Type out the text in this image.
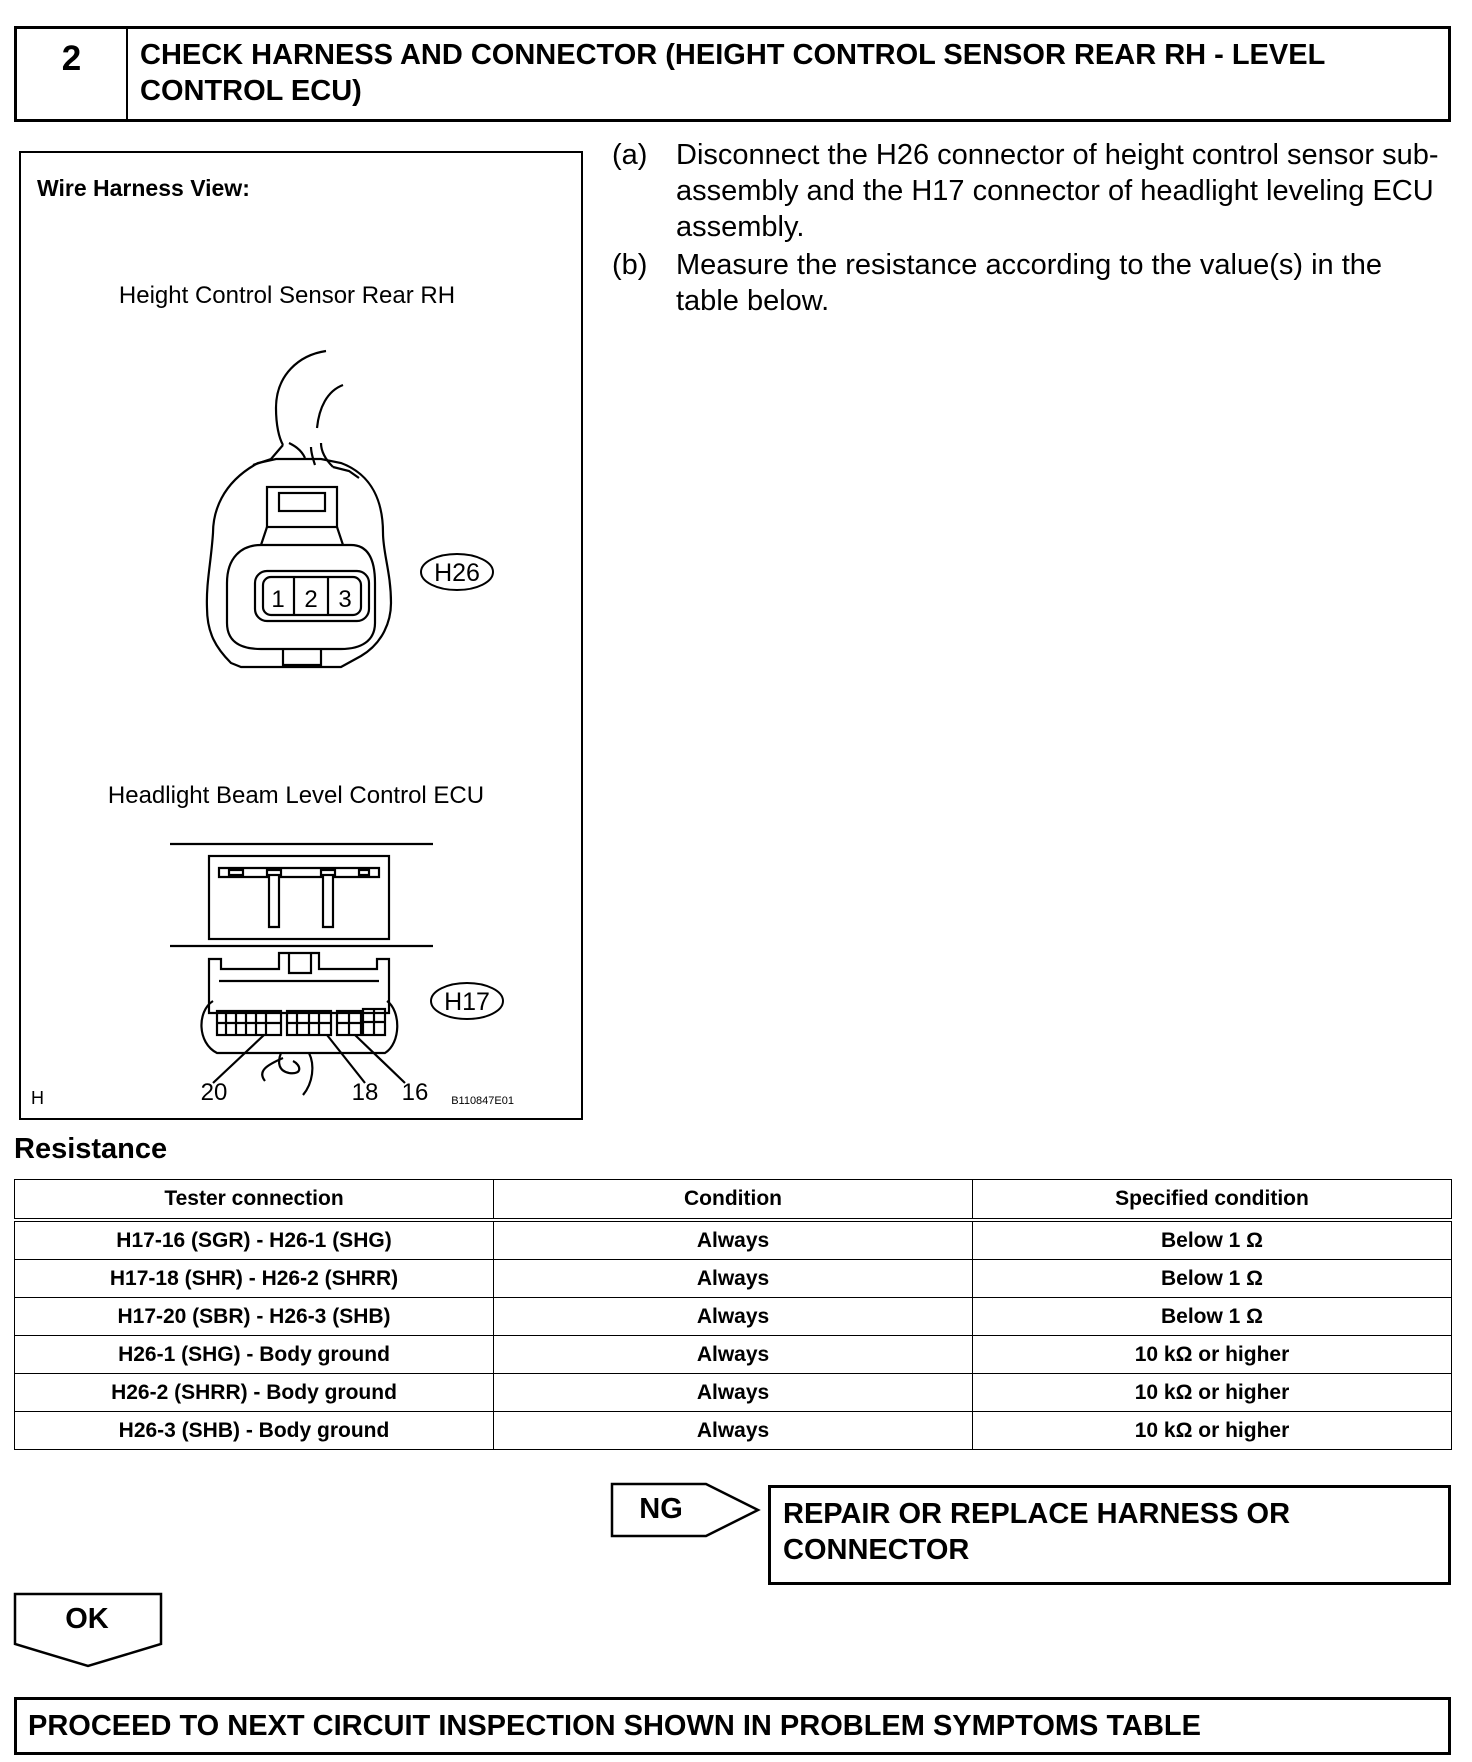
2	CHECK HARNESS AND CONNECTOR (HEIGHT CONTROL SENSOR REAR RH - LEVEL CONTROL ECU)
Wire Harness View:
Height Control Sensor Rear RH
1 2 3
H26
Headlight Beam Level Control ECU
H17
20	18 16
H	B110847E01
(a) Disconnect the H26 connector of height control sensor sub-assembly and the H17 connector of headlight leveling ECU assembly.
(b) Measure the resistance according to the value(s) in the table below.
Resistance
Tester connection	Condition	Specified condition
H17-16 (SGR) - H26-1 (SHG)	Always	Below 1 Ω
H17-18 (SHR) - H26-2 (SHRR)	Always	Below 1 Ω
H17-20 (SBR) - H26-3 (SHB)	Always	Below 1 Ω
H26-1 (SHG) - Body ground	Always	10 kΩ or higher
H26-2 (SHRR) - Body ground	Always	10 kΩ or higher
H26-3 (SHB) - Body ground	Always	10 kΩ or higher
NG	REPAIR OR REPLACE HARNESS OR CONNECTOR
OK
PROCEED TO NEXT CIRCUIT INSPECTION SHOWN IN PROBLEM SYMPTOMS TABLE
